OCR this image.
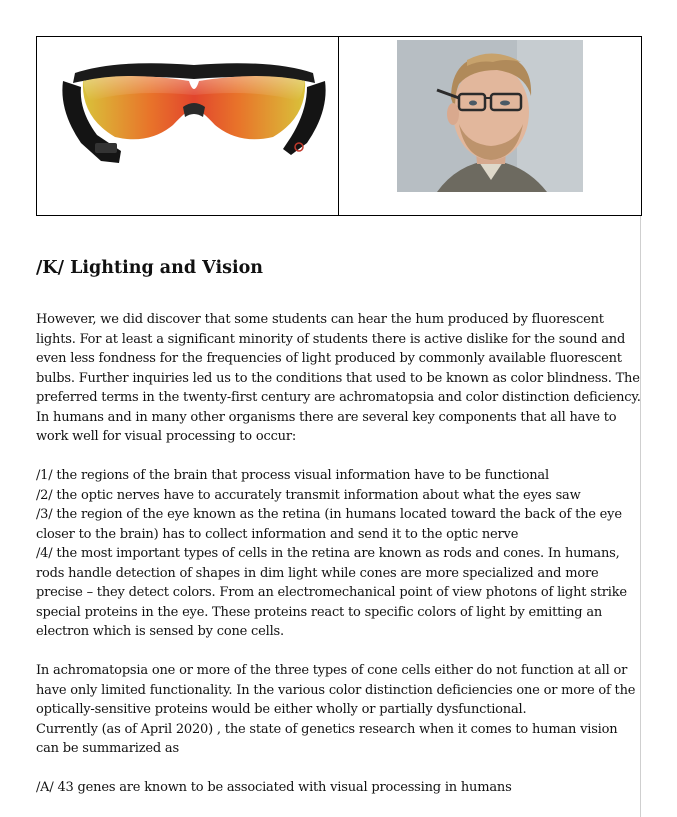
/K/ Lighting and Vision

However, we did discover that some students can hear the hum produced by fluorescent lights. For at least a significant minority of students there is active dislike for the sound and even less fondness for the frequencies of light produced by commonly available fluorescent bulbs. Further inquiries led us to the conditions that used to be known as color blindness. The preferred terms in the twenty-first century are achromatopsia and color distinction deficiency. In humans and in many other organisms there are several key components that all have to work well for visual processing to occur:

/1/ the regions of the brain that process visual information have to be functional

/2/ the optic nerves have to accurately transmit information about what the eyes saw

/3/ the region of the eye known as the retina (in humans located toward the back of the eye closer to the brain) has to collect information and send it to the optic nerve

/4/ the most important types of cells in the retina are known as rods and cones. In humans, rods handle detection of shapes in dim light while cones are more specialized and more precise – they detect colors. From an electromechanical point of view photons of light strike special proteins in the eye. These proteins react to specific colors of light by emitting an electron which is sensed by cone cells.

In achromatopsia one or more of the three types of cone cells either do not function at all or have only limited functionality. In the various color distinction deficiencies one or more of the optically-sensitive proteins would be either wholly or partially dysfunctional.

Currently (as of April 2020) , the state of genetics research when it comes to human vision can be summarized as

/A/ 43 genes are known to be associated with visual processing in humans
